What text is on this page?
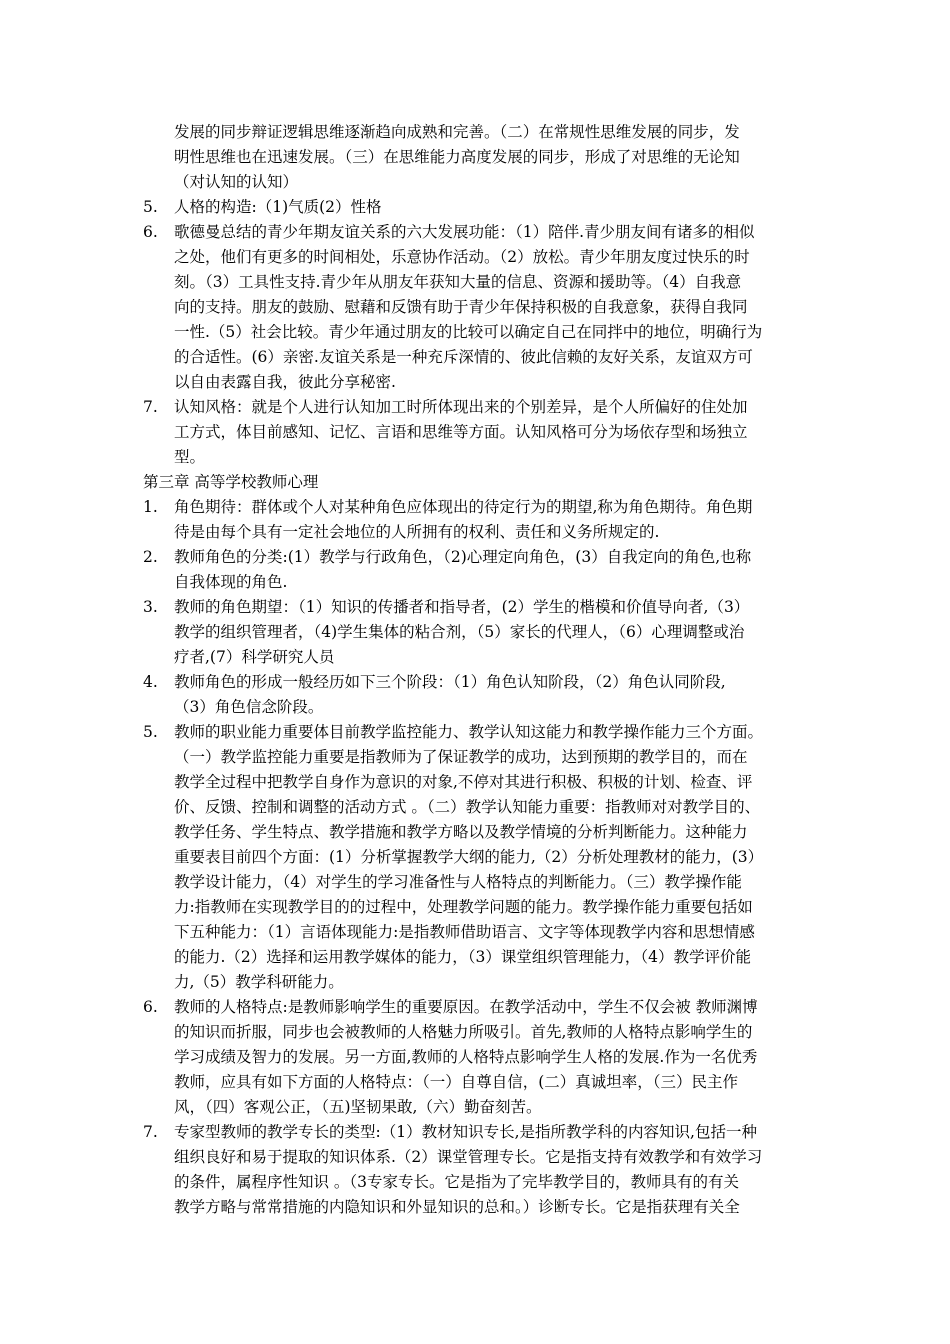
发展的同步辩证逻辑思维逐渐趋向成熟和完善。（二）在常规性思维发展的同步，发
明性思维也在迅速发展。（三）在思维能力高度发展的同步，形成了对思维的无论知
（对认知的认知）
5. 人格的构造:（1)气质(2）性格
6. 歌德曼总结的青少年期友谊关系的六大发展功能：（1）陪伴.青少朋友间有诸多的相似
之处，他们有更多的时间相处，乐意协作活动。（2）放松。青少年朋友度过快乐的时
刻。（3）工具性支持.青少年从朋友年获知大量的信息、资源和援助等。（4）自我意
向的支持。朋友的鼓励、慰藉和反馈有助于青少年保持积极的自我意象，获得自我同
一性.（5）社会比较。青少年通过朋友的比较可以确定自己在同拌中的地位，明确行为
的合适性。(6）亲密.友谊关系是一种充斥深情的、彼此信赖的友好关系，友谊双方可
以自由表露自我，彼此分享秘密.
7. 认知风格：就是个人进行认知加工时所体现出来的个别差异，是个人所偏好的住处加
工方式，体目前感知、记忆、言语和思维等方面。认知风格可分为场依存型和场独立
型。
第三章 高等学校教师心理
1. 角色期待：群体或个人对某种角色应体现出的待定行为的期望,称为角色期待。角色期
待是由每个具有一定社会地位的人所拥有的权利、责任和义务所规定的.
2. 教师角色的分类:(1）教学与行政角色，（2)心理定向角色，(3）自我定向的角色,也称
自我体现的角色.
3. 教师的角色期望：（1）知识的传播者和指导者，(2）学生的楷模和价值导向者,（3）
教学的组织管理者，（4)学生集体的粘合剂，（5）家长的代理人，（6）心理调整或治
疗者,(7）科学研究人员
4. 教师角色的形成一般经历如下三个阶段：（1）角色认知阶段，（2）角色认同阶段,
（3）角色信念阶段。
5. 教师的职业能力重要体目前教学监控能力、教学认知这能力和教学操作能力三个方面。
（一）教学监控能力重要是指教师为了保证教学的成功，达到预期的教学目的，而在
教学全过程中把教学自身作为意识的对象,不停对其进行积极、积极的计划、检查、评
价、反馈、控制和调整的活动方式 。（二）教学认知能力重要：指教师对对教学目的、
教学任务、学生特点、教学措施和教学方略以及教学情境的分析判断能力。这种能力
重要表目前四个方面：(1）分析掌握教学大纲的能力,（2）分析处理教材的能力，(3）
教学设计能力，（4）对学生的学习准备性与人格特点的判断能力。（三）教学操作能
力:指教师在实现教学目的的过程中，处理教学问题的能力。教学操作能力重要包括如
下五种能力：（1）言语体现能力:是指教师借助语言、文字等体现教学内容和思想情感
的能力.（2）选择和运用教学媒体的能力，（3）课堂组织管理能力，（4）教学评价能
力,（5）教学科研能力。
6. 教师的人格特点:是教师影响学生的重要原因。在教学活动中，学生不仅会被 教师渊博
的知识而折服，同步也会被教师的人格魅力所吸引。首先,教师的人格特点影响学生的
学习成绩及智力的发展。另一方面,教师的人格特点影响学生人格的发展.作为一名优秀
教师，应具有如下方面的人格特点：（一）自尊自信，(二）真诚坦率，（三）民主作
风，（四）客观公正，（五)坚韧果敢,（六）勤奋刻苦。
7. 专家型教师的教学专长的类型:（1）教材知识专长,是指所教学科的内容知识,包括一种
组织良好和易于提取的知识体系.（2）课堂管理专长。它是指支持有效教学和有效学习
的条件，属程序性知识 。（3专家专长。它是指为了完毕教学目的，教师具有的有关
教学方略与常常措施的内隐知识和外显知识的总和。）诊断专长。它是指获理有关全
